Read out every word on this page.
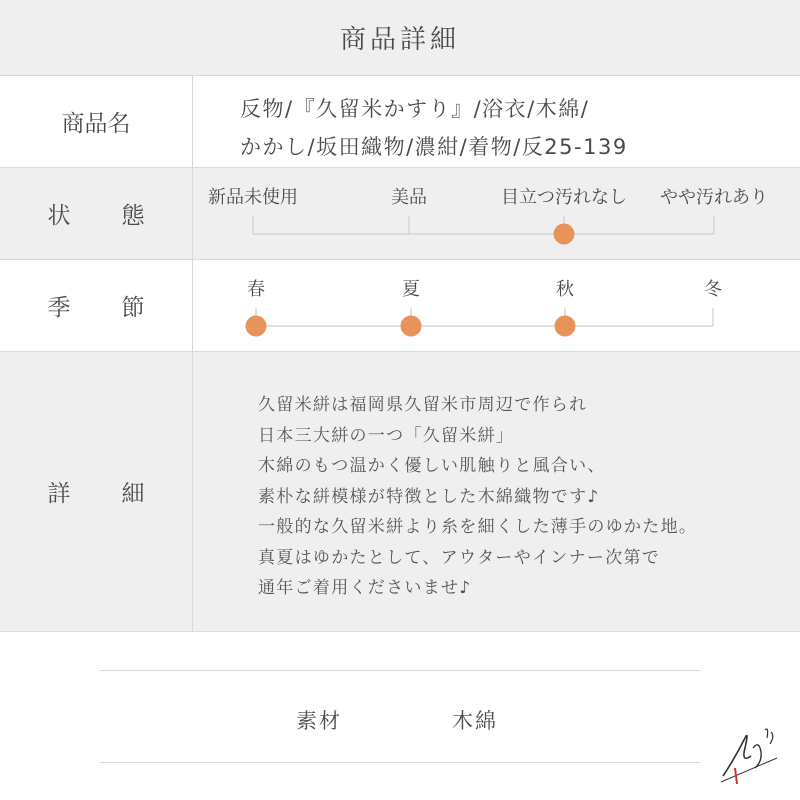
商品詳細
商品名
反物/『久留米かすり』/浴衣/木綿/
かかし/坂田織物/濃紺/着物/反25-139
状　態
新品未使用	美品	目立つ汚れなし やや汚れあり
季　節
春	夏	秋	冬
詳　細
久留米絣は福岡県久留米市周辺で作られ
日本三大絣の一つ「久留米絣」
木綿のもつ温かく優しい肌触りと風合い、
素朴な絣模様が特徴とした木綿織物です♪
一般的な久留米絣より糸を細くした薄手のゆかた地。
真夏はゆかたとして、アウターやインナー次第で
通年ご着用くださいませ♪
素材	木綿
